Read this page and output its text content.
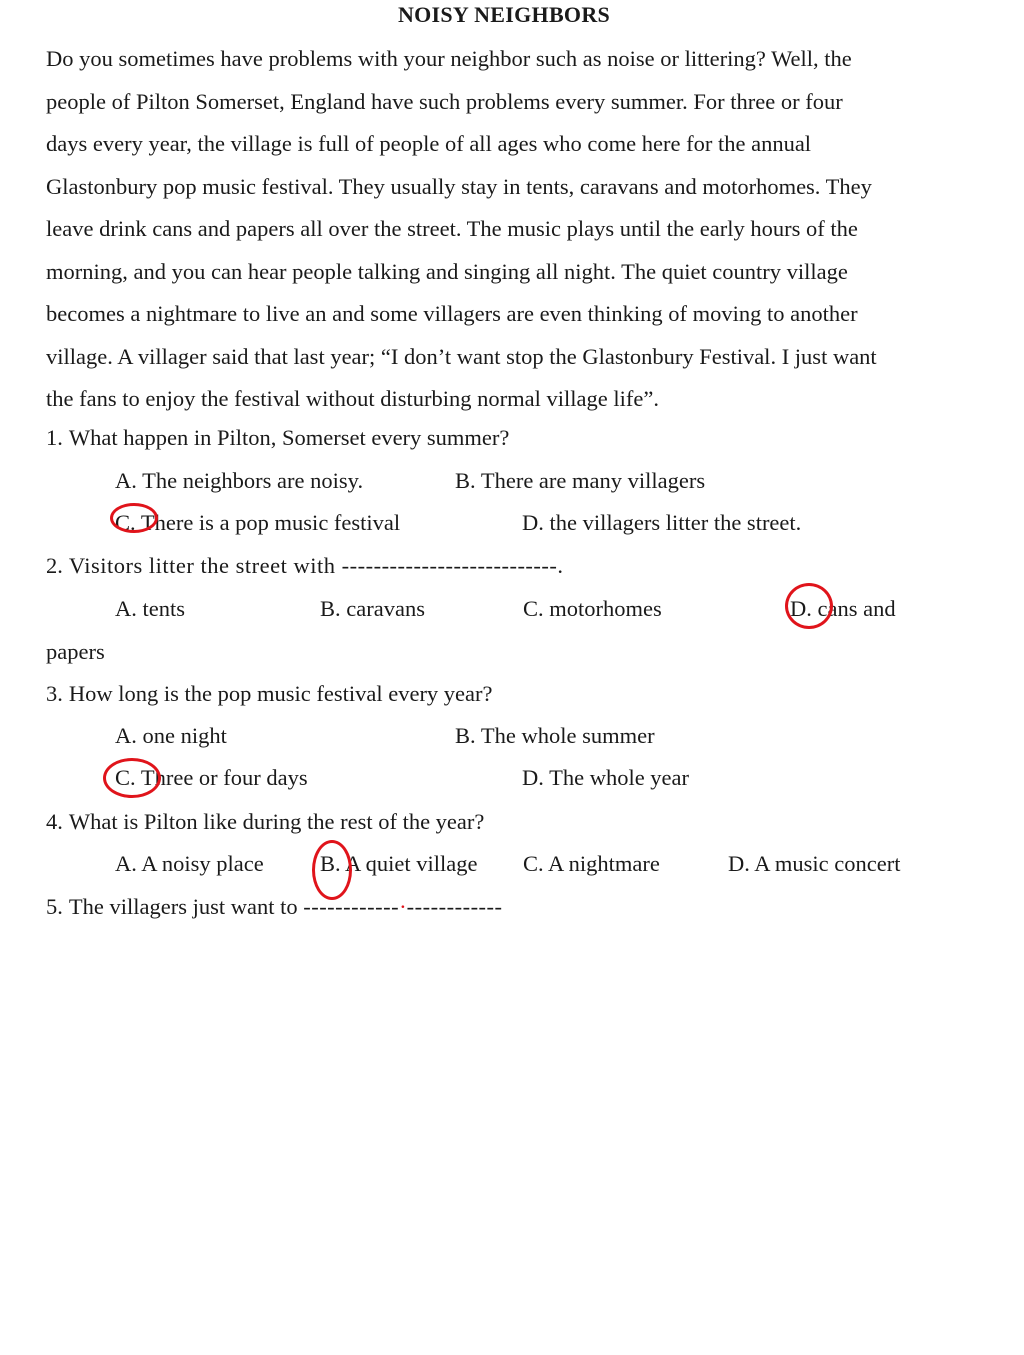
NOISY NEIGHBORS
Do you sometimes have problems with your neighbor such as noise or littering? Well, the
people of Pilton Somerset, England have such problems every summer. For three or four
days every year, the village is full of people of all ages who come here for the annual
Glastonbury pop music festival. They usually stay in tents, caravans and motorhomes. They
leave drink cans and papers all over the street. The music plays until the early hours of the
morning, and you can hear people talking and singing all night. The quiet country village
becomes a nightmare to live an and some villagers are even thinking of moving to another
village. A villager said that last year; “I don’t want stop the Glastonbury Festival. I just want
the fans to enjoy the festival without disturbing normal village life”.
1. What happen in Pilton, Somerset every summer?
A. The neighbors are noisy.	B. There are many villagers
C. There is a pop music festival	D. the villagers litter the street.
2. Visitors litter the street with ---------------------------.
A. tents	B. caravans	C. motorhomes	D. cans and
papers
3. How long is the pop music festival every year?
A. one night	B. The whole summer
C. Three or four days	D. The whole year
4. What is Pilton like during the rest of the year?
A. A noisy place	B. A quiet village C. A nightmare	D. A music concert
5. The villagers just want to ------------·------------
